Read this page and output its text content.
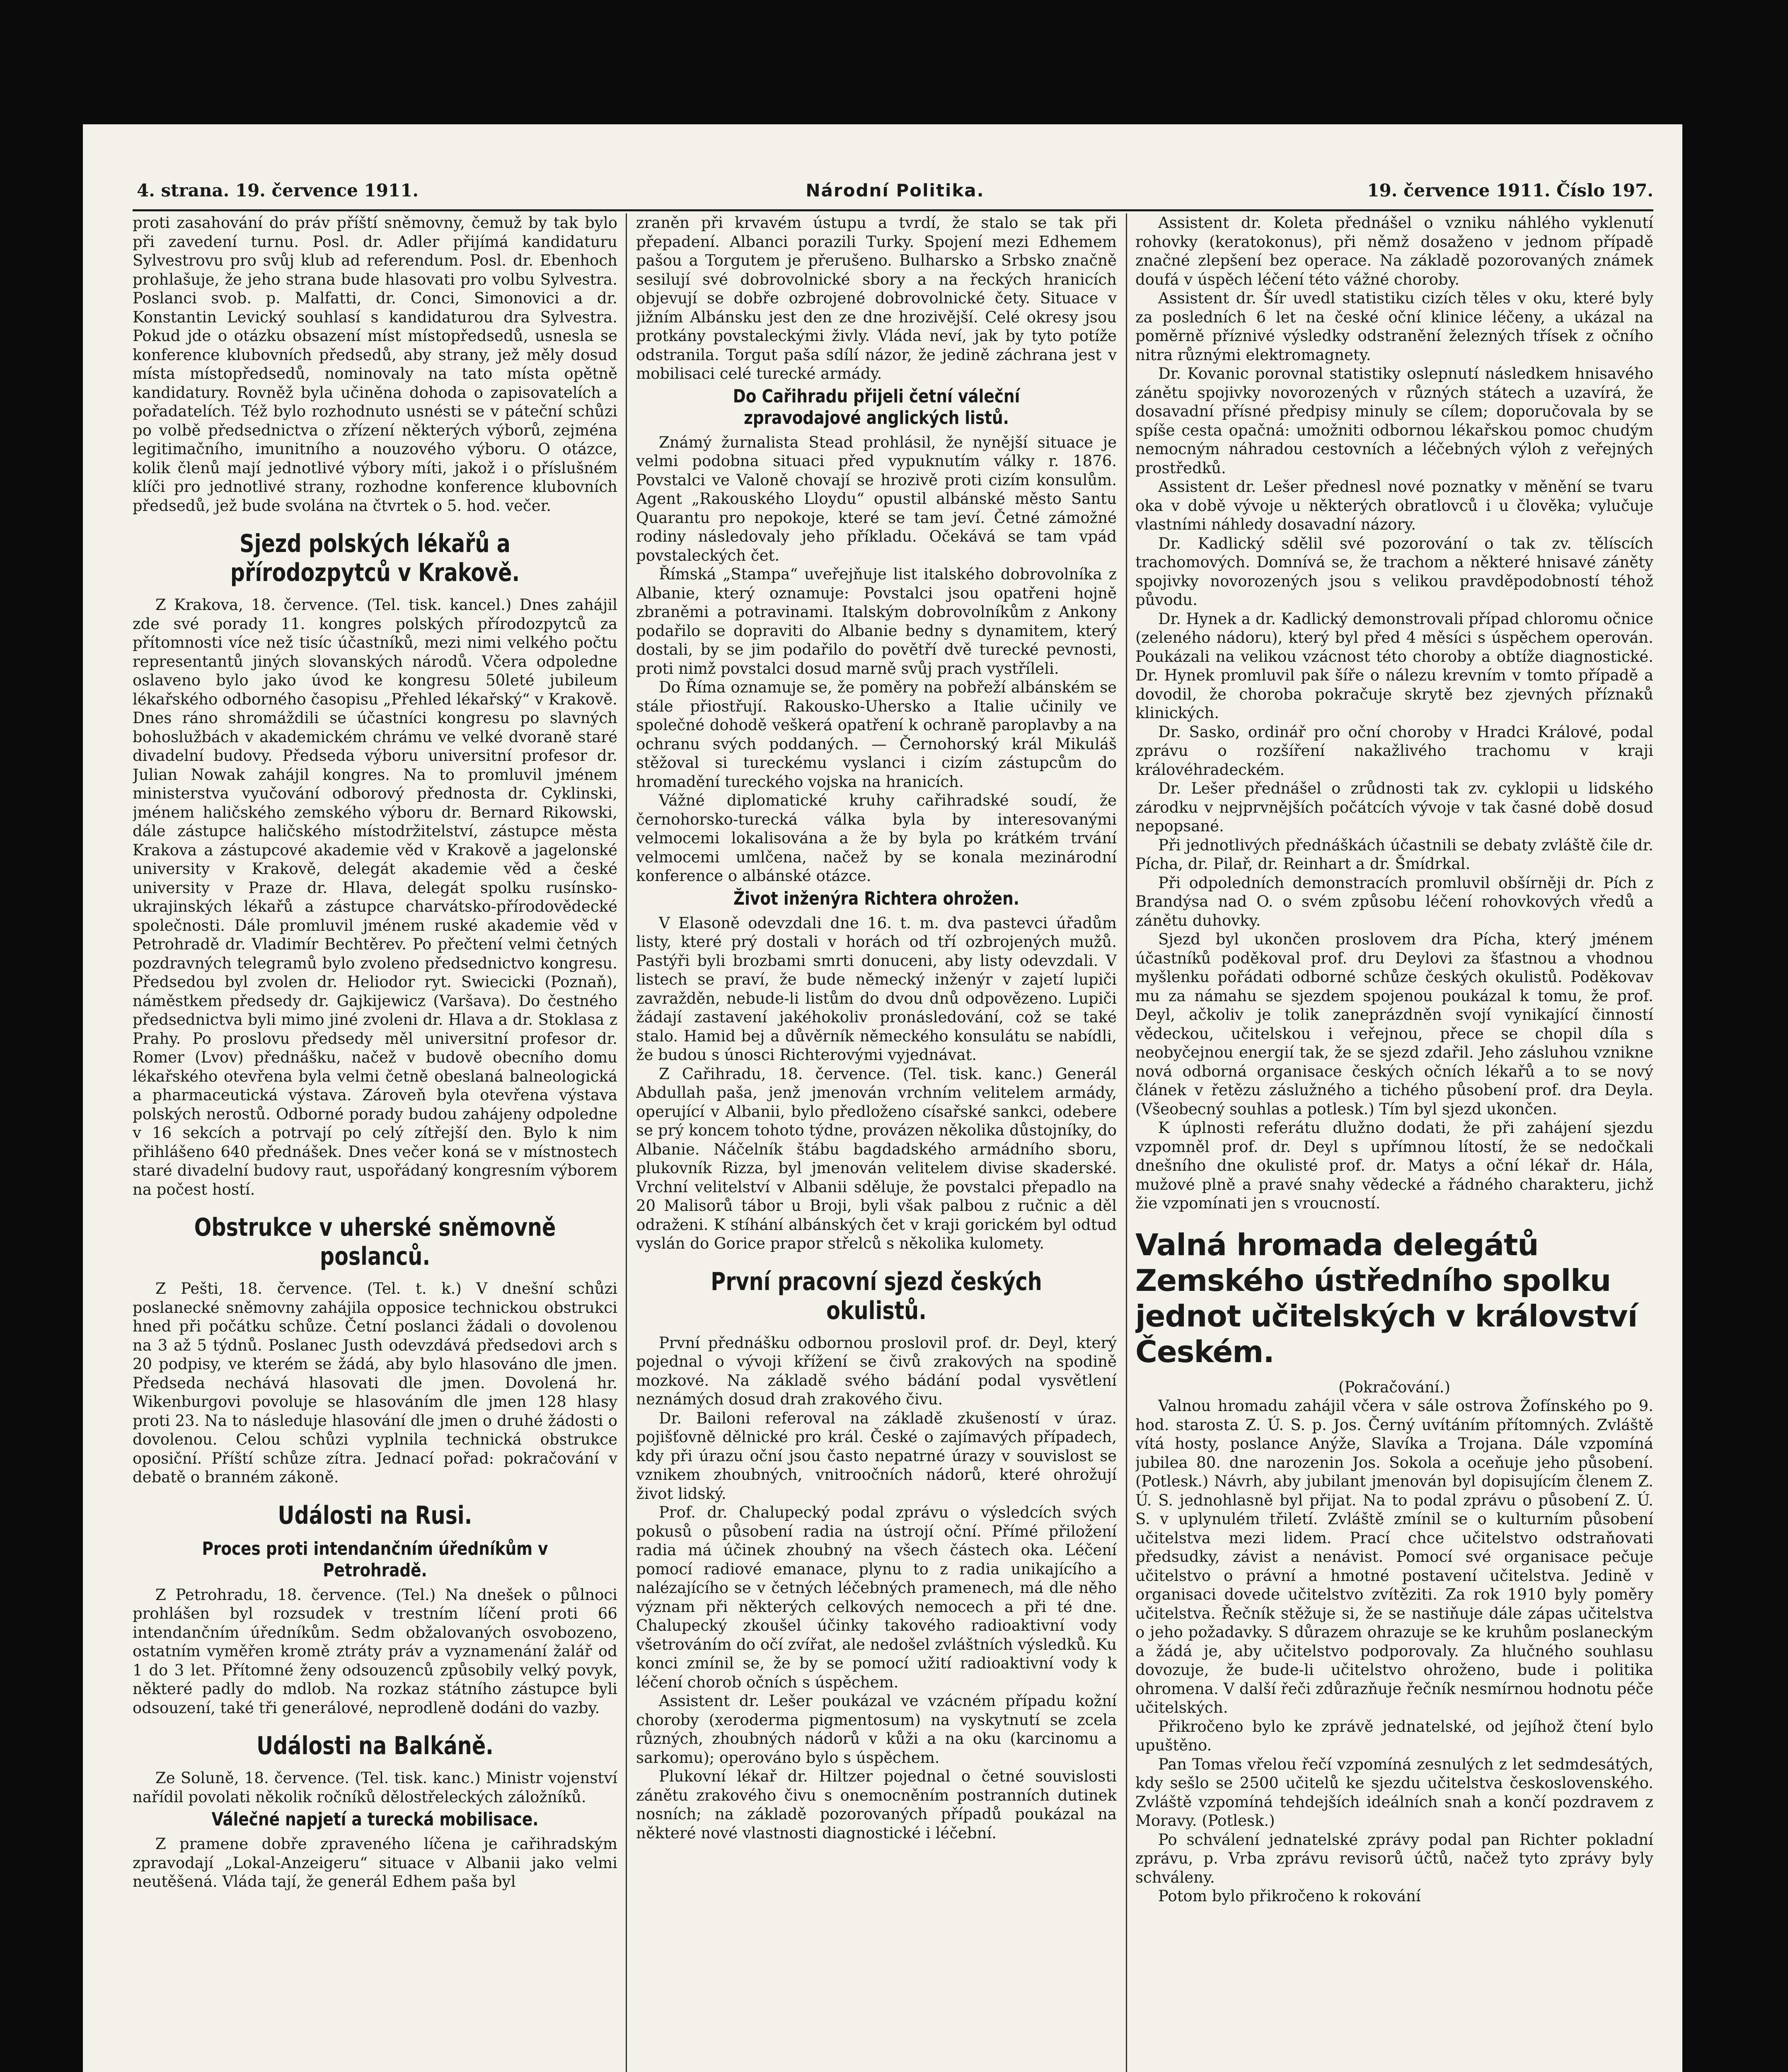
4. strana. 19. července 1911.	Národní Politika.	19. července 1911. Číslo 197.

proti zasahování do práv příští sněmovny, čemuž by tak bylo při zavedení turnu. Posl. dr. Adler přijímá kandidaturu Sylvestrovu pro svůj klub ad referendum. Posl. dr. Ebenhoch prohlašuje, že jeho strana bude hlasovati pro volbu Sylvestra. Poslanci svob. p. Malfatti, dr. Conci, Simonovici a dr. Konstantin Levický souhlasí s kandidaturou dra Sylvestra. Pokud jde o otázku obsazení míst místopředsedů, usnesla se konference klubovních předsedů, aby strany, jež měly dosud místa místopředsedů, nominovaly na tato místa opětně kandidatury. Rovněž byla učiněna dohoda o zapisovatelích a pořadatelích. Též bylo rozhodnuto usnésti se v páteční schůzi po volbě předsednictva o zřízení některých výborů, zejména legitimačního, imunitního a nouzového výboru. O otázce, kolik členů mají jednotlivé výbory míti, jakož i o příslušném klíči pro jednotlivé strany, rozhodne konference klubovních předsedů, jež bude svolána na čtvrtek o 5. hod. večer.

Sjezd polských lékařů a přírodozpytců v Krakově.

Z Krakova, 18. července. (Tel. tisk. kancel.) Dnes zahájil zde své porady 11. kongres polských přírodozpytců za přítomnosti více než tisíc účastníků, mezi nimi velkého počtu representantů jiných slovanských národů. Včera odpoledne oslaveno bylo jako úvod ke kongresu 50leté jubileum lékařského odborného časopisu „Přehled lékařský“ v Krakově. Dnes ráno shromáždili se účastníci kongresu po slavných bohoslužbách v akademickém chrámu ve velké dvoraně staré divadelní budovy. Předseda výboru universitní profesor dr. Julian Nowak zahájil kongres. Na to promluvil jménem ministerstva vyučování odborový přednosta dr. Cyklinski, jménem haličského zemského výboru dr. Bernard Rikowski, dále zástupce haličského místodržitelství, zástupce města Krakova a zástupcové akademie věd v Krakově a jagelonské university v Krakově, delegát akademie věd a české university v Praze dr. Hlava, delegát spolku rusínsko-ukrajinských lékařů a zástupce charvátsko-přírodovědecké společnosti. Dále promluvil jménem ruské akademie věd v Petrohradě dr. Vladimír Bechtěrev. Po přečtení velmi četných pozdravných telegramů bylo zvoleno předsednictvo kongresu. Předsedou byl zvolen dr. Heliodor ryt. Swiecicki (Poznaň), náměstkem předsedy dr. Gajkijewicz (Varšava). Do čestného předsednictva byli mimo jiné zvoleni dr. Hlava a dr. Stoklasa z Prahy. Po proslovu předsedy měl universitní profesor dr. Romer (Lvov) přednášku, načež v budově obecního domu lékařského otevřena byla velmi četně obeslaná balneologická a pharmaceutická výstava. Zároveň byla otevřena výstava polských nerostů. Odborné porady budou zahájeny odpoledne v 16 sekcích a potrvají po celý zítřejší den. Bylo k nim přihlášeno 640 přednášek. Dnes večer koná se v místnostech staré divadelní budovy raut, uspořádaný kongresním výborem na počest hostí.

Obstrukce v uherské sněmovně poslanců.

Z Pešti, 18. července. (Tel. t. k.) V dnešní schůzi poslanecké sněmovny zahájila opposice technickou obstrukci hned při počátku schůze. Četní poslanci žádali o dovolenou na 3 až 5 týdnů. Poslanec Justh odevzdává předsedovi arch s 20 podpisy, ve kterém se žádá, aby bylo hlasováno dle jmen. Předseda nechává hlasovati dle jmen. Dovolená hr. Wikenburgovi povoluje se hlasováním dle jmen 128 hlasy proti 23. Na to následuje hlasování dle jmen o druhé žádosti o dovolenou. Celou schůzi vyplnila technická obstrukce oposiční. Příští schůze zítra. Jednací pořad: pokračování v debatě o branném zákoně.

Události na Rusi.
Proces proti intendančním úředníkům v Petrohradě.

Z Petrohradu, 18. července. (Tel.) Na dnešek o půlnoci prohlášen byl rozsudek v trestním líčení proti 66 intendančním úředníkům. Sedm obžalovaných osvobozeno, ostatním vyměřen kromě ztráty práv a vyznamenání žalář od 1 do 3 let. Přítomné ženy odsouzenců způsobily velký povyk, některé padly do mdlob. Na rozkaz státního zástupce byli odsouzení, také tři generálové, neprodleně dodáni do vazby.

Události na Balkáně.

Ze Soluně, 18. července. (Tel. tisk. kanc.) Ministr vojenství nařídil povolati několik ročníků dělostřeleckých záložníků.

Válečné napjetí a turecká mobilisace.

Z pramene dobře zpraveného líčena je cařihradským zpravodají „Lokal-Anzeigeru“ situace v Albanii jako velmi neutěšená. Vláda tají, že generál Edhem paša byl

zraněn při krvavém ústupu a tvrdí, že stalo se tak při přepadení. Albanci porazili Turky. Spojení mezi Edhemem pašou a Torgutem je přerušeno. Bulharsko a Srbsko značně sesilují své dobrovolnické sbory a na řeckých hranicích objevují se dobře ozbrojené dobrovolnické čety. Situace v jižním Albánsku jest den ze dne hrozivější. Celé okresy jsou protkány povstaleckými živly. Vláda neví, jak by tyto potíže odstranila. Torgut paša sdílí názor, že jedině záchrana jest v mobilisaci celé turecké armády.

Do Cařihradu přijeli četní váleční zpravodajové anglických listů.

Známý žurnalista Stead prohlásil, že nynější situace je velmi podobna situaci před vypuknutím války r. 1876. Povstalci ve Valoně chovají se hrozivě proti cizím konsulům. Agent „Rakouského Lloydu“ opustil albánské město Santu Quarantu pro nepokoje, které se tam jeví. Četné zámožné rodiny následovaly jeho příkladu. Očekává se tam vpád povstaleckých čet.

Římská „Stampa“ uveřejňuje list italského dobrovolníka z Albanie, který oznamuje: Povstalci jsou opatřeni hojně zbraněmi a potravinami. Italským dobrovolníkům z Ankony podařilo se dopraviti do Albanie bedny s dynamitem, který dostali, by se jim podařilo do povětří dvě turecké pevnosti, proti nimž povstalci dosud marně svůj prach vystříleli.

Do Říma oznamuje se, že poměry na pobřeží albánském se stále přiostřují. Rakousko-Uhersko a Italie učinily ve společné dohodě veškerá opatření k ochraně paroplavby a na ochranu svých poddaných. — Černohorský král Mikuláš stěžoval si tureckému vyslanci i cizím zástupcům do hromadění tureckého vojska na hranicích.

Vážné diplomatické kruhy cařihradské soudí, že černohorsko-turecká válka byla by interesovanými velmocemi lokalisována a že by byla po krátkém trvání velmocemi umlčena, načež by se konala mezinárodní konference o albánské otázce.

Život inženýra Richtera ohrožen.

V Elasoně odevzdali dne 16. t. m. dva pastevci úřadům listy, které prý dostali v horách od tří ozbrojených mužů. Pastýři byli brozbami smrti donuceni, aby listy odevzdali. V listech se praví, že bude německý inženýr v zajetí lupiči zavražděn, nebude-li listům do dvou dnů odpovězeno. Lupiči žádají zastavení jakéhokoliv pronásledování, což se také stalo. Hamid bej a důvěrník německého konsulátu se nabídli, že budou s únosci Richterovými vyjednávat.

Z Cařihradu, 18. července. (Tel. tisk. kanc.) Generál Abdullah paša, jenž jmenován vrchním velitelem armády, operující v Albanii, bylo předloženo císařské sankci, odebere se prý koncem tohoto týdne, provázen několika důstojníky, do Albanie. Náčelník štábu bagdadského armádního sboru, plukovník Rizza, byl jmenován velitelem divise skaderské. Vrchní velitelství v Albanii sděluje, že povstalci přepadlo na 20 Malisorů tábor u Broji, byli však palbou z ručnic a děl odraženi. K stíhání albánských čet v kraji gorickém byl odtud vyslán do Gorice prapor střelců s několika kulomety.

První pracovní sjezd českých okulistů.

První přednášku odbornou proslovil prof. dr. Deyl, který pojednal o vývoji křížení se čivů zrakových na spodině mozkové. Na základě svého bádání podal vysvětlení neznámých dosud drah zrakového čivu.

Dr. Bailoni referoval na základě zkušeností v úraz. pojišťovně dělnické pro král. České o zajímavých případech, kdy při úrazu oční jsou často nepatrné úrazy v souvislost se vznikem zhoubných, vnitroočních nádorů, které ohrožují život lidský.

Prof. dr. Chalupecký podal zprávu o výsledcích svých pokusů o působení radia na ústrojí oční. Přímé přiložení radia má účinek zhoubný na všech částech oka. Léčení pomocí radiové emanace, plynu to z radia unikajícího a nalézajícího se v četných léčebných pramenech, má dle něho význam při některých celkových nemocech a při té dne. Chalupecký zkoušel účinky takového radioaktivní vody všetrováním do očí zvířat, ale nedošel zvláštních výsledků. Ku konci zmínil se, že by se pomocí užití radioaktivní vody k léčení chorob očních s úspěchem.

Assistent dr. Lešer poukázal ve vzácném případu kožní choroby (xeroderma pigmentosum) na vyskytnutí se zcela různých, zhoubných nádorů v kůži a na oku (karcinomu a sarkomu); operováno bylo s úspěchem.

Plukovní lékař dr. Hiltzer pojednal o četné souvislosti zánětu zrakového čivu s onemocněním postranních dutinek nosních; na základě pozorovaných případů poukázal na některé nové vlastnosti diagnostické i léčební.

Assistent dr. Koleta přednášel o vzniku náhlého vyklenutí rohovky (keratokonus), při němž dosaženo v jednom případě značné zlepšení bez operace. Na základě pozorovaných známek doufá v úspěch léčení této vážné choroby.

Assistent dr. Šír uvedl statistiku cizích těles v oku, které byly za posledních 6 let na české oční klinice léčeny, a ukázal na poměrně příznivé výsledky odstranění železných třísek z očního nitra různými elektromagnety.

Dr. Kovanic porovnal statistiky oslepnutí následkem hnisavého zánětu spojivky novorozených v různých státech a uzavírá, že dosavadní přísné předpisy minuly se cílem; doporučovala by se spíše cesta opačná: umožniti odbornou lékařskou pomoc chudým nemocným náhradou cestovních a léčebných výloh z veřejných prostředků.

Assistent dr. Lešer přednesl nové poznatky v měnění se tvaru oka v době vývoje u některých obratlovců i u člověka; vylučuje vlastními náhledy dosavadní názory.

Dr. Kadlický sdělil své pozorování o tak zv. tělíscích trachomových. Domnívá se, že trachom a některé hnisavé záněty spojivky novorozených jsou s velikou pravděpodobností téhož původu.

Dr. Hynek a dr. Kadlický demonstrovali případ chloromu očnice (zeleného nádoru), který byl před 4 měsíci s úspěchem operován. Poukázali na velikou vzácnost této choroby a obtíže diagnostické. Dr. Hynek promluvil pak šíře o nálezu krevním v tomto případě a dovodil, že choroba pokračuje skrytě bez zjevných příznaků klinických.

Dr. Sasko, ordinář pro oční choroby v Hradci Králové, podal zprávu o rozšíření nakažlivého trachomu v kraji královéhradeckém.

Dr. Lešer přednášel o zrůdnosti tak zv. cyklopii u lidského zárodku v nejprvnějších počátcích vývoje v tak časné době dosud nepopsané.

Při jednotlivých přednáškách účastnili se debaty zvláště čile dr. Pícha, dr. Pilař, dr. Reinhart a dr. Šmídrkal.

Při odpoledních demonstracích promluvil obšírněji dr. Pích z Brandýsa nad O. o svém způsobu léčení rohovkových vředů a zánětu duhovky.

Sjezd byl ukončen proslovem dra Pícha, který jménem účastníků poděkoval prof. dru Deylovi za šťastnou a vhodnou myšlenku pořádati odborné schůze českých okulistů. Poděkovav mu za námahu se sjezdem spojenou poukázal k tomu, že prof. Deyl, ačkoliv je tolik zaneprázdněn svojí vynikající činností vědeckou, učitelskou i veřejnou, přece se chopil díla s neobyčejnou energií tak, že se sjezd zdařil. Jeho zásluhou vznikne nová odborná organisace českých očních lékařů a to se nový článek v řetězu záslužného a tichého působení prof. dra Deyla. (Všeobecný souhlas a potlesk.) Tím byl sjezd ukončen.

K úplnosti referátu dlužno dodati, že při zahájení sjezdu vzpomněl prof. dr. Deyl s upřímnou lítostí, že se nedočkali dnešního dne okulisté prof. dr. Matys a oční lékař dr. Hála, mužové plně a pravé snahy vědecké a řádného charakteru, jichž žie vzpomínati jen s vroucností.

Valná hromada delegátů Zemského ústředního spolku jednot učitelských v království Českém.

(Pokračování.)

Valnou hromadu zahájil včera v sále ostrova Žofínského po 9. hod. starosta Z. Ú. S. p. Jos. Černý uvítáním přítomných. Zvláště vítá hosty, poslance Anýže, Slavíka a Trojana. Dále vzpomíná jubilea 80. dne narozenin Jos. Sokola a oceňuje jeho působení. (Potlesk.) Návrh, aby jubilant jmenován byl dopisujícím členem Z. Ú. S. jednohlasně byl přijat. Na to podal zprávu o působení Z. Ú. S. v uplynulém třiletí. Zvláště zmínil se o kulturním působení učitelstva mezi lidem. Prací chce učitelstvo odstraňovati předsudky, závist a nenávist. Pomocí své organisace pečuje učitelstvo o právní a hmotné postavení učitelstva. Jedině v organisaci dovede učitelstvo zvítěziti. Za rok 1910 byly poměry učitelstva. Řečník stěžuje si, že se nastiňuje dále zápas učitelstva o jeho požadavky. S důrazem ohrazuje se ke kruhům poslaneckým a žádá je, aby učitelstvo podporovaly. Za hlučného souhlasu dovozuje, že bude-li učitelstvo ohroženo, bude i politika ohromena. V další řeči zdůrazňuje řečník nesmírnou hodnotu péče učitelských.

Přikročeno bylo ke zprávě jednatelské, od jejíhož čtení bylo upuštěno.

Pan Tomas vřelou řečí vzpomíná zesnulých z let sedmdesátých, kdy sešlo se 2500 učitelů ke sjezdu učitelstva československého. Zvláště vzpomíná tehdejších ideálních snah a končí pozdravem z Moravy. (Potlesk.)

Po schválení jednatelské zprávy podal pan Richter pokladní zprávu, p. Vrba zprávu revisorů účtů, načež tyto zprávy byly schváleny.

Potom bylo přikročeno k rokování
